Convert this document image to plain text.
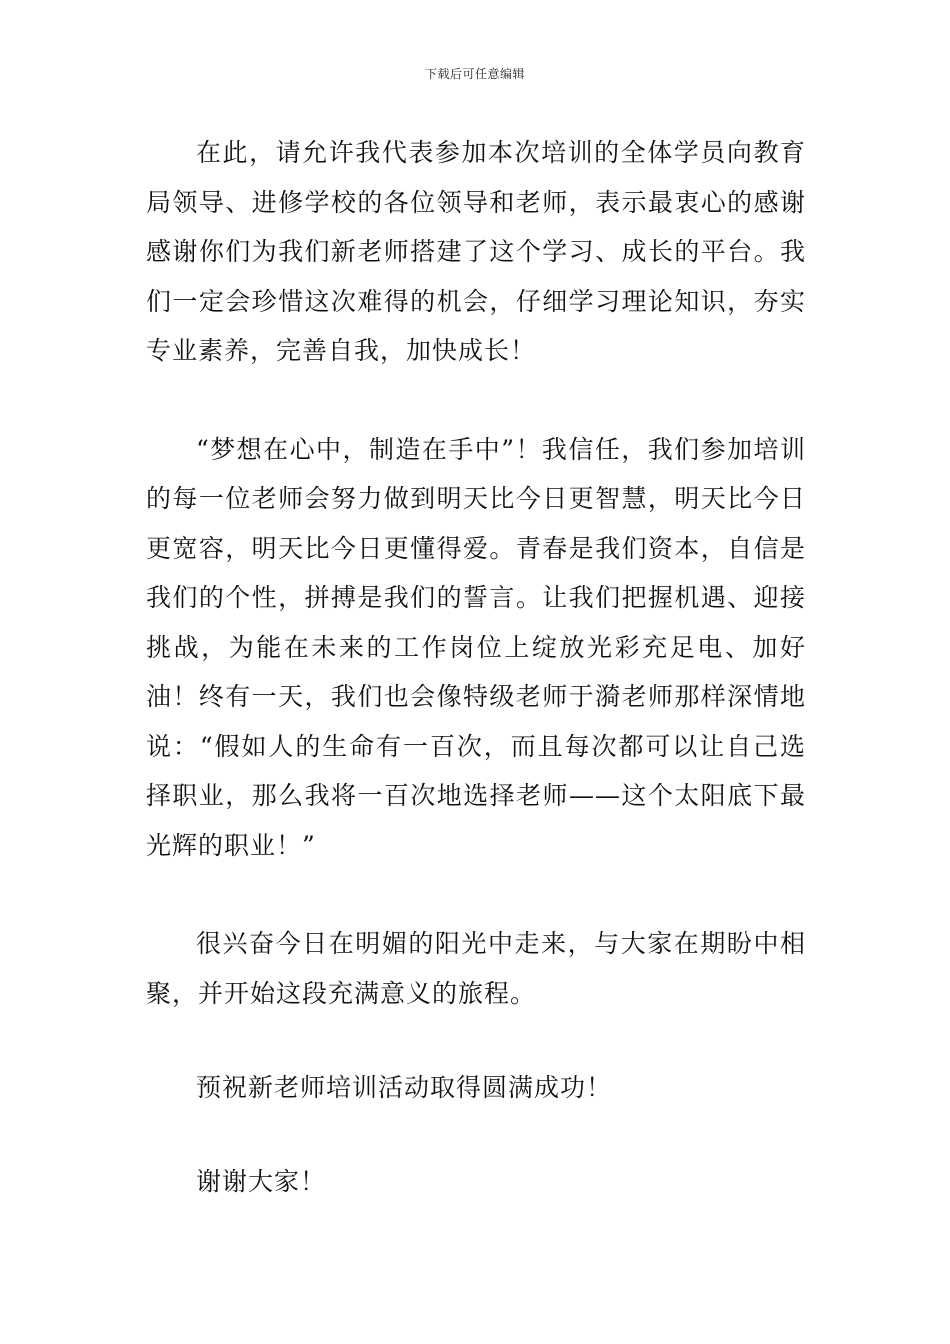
下载后可任意编辑

在此，请允许我代表参加本次培训的全体学员向教育局领导、进修学校的各位领导和老师，表示最衷心的感谢感谢你们为我们新老师搭建了这个学习、成长的平台。我们一定会珍惜这次难得的机会，仔细学习理论知识，夯实专业素养，完善自我，加快成长！

“梦想在心中，制造在手中”！我信任，我们参加培训的每一位老师会努力做到明天比今日更智慧，明天比今日更宽容，明天比今日更懂得爱。青春是我们资本，自信是我们的个性，拼搏是我们的誓言。让我们把握机遇、迎接挑战，为能在未来的工作岗位上绽放光彩充足电、加好油！终有一天，我们也会像特级老师于漪老师那样深情地说：“假如人的生命有一百次，而且每次都可以让自己选择职业，那么我将一百次地选择老师——这个太阳底下最光辉的职业！”

很兴奋今日在明媚的阳光中走来，与大家在期盼中相聚，并开始这段充满意义的旅程。

预祝新老师培训活动取得圆满成功！

谢谢大家！
